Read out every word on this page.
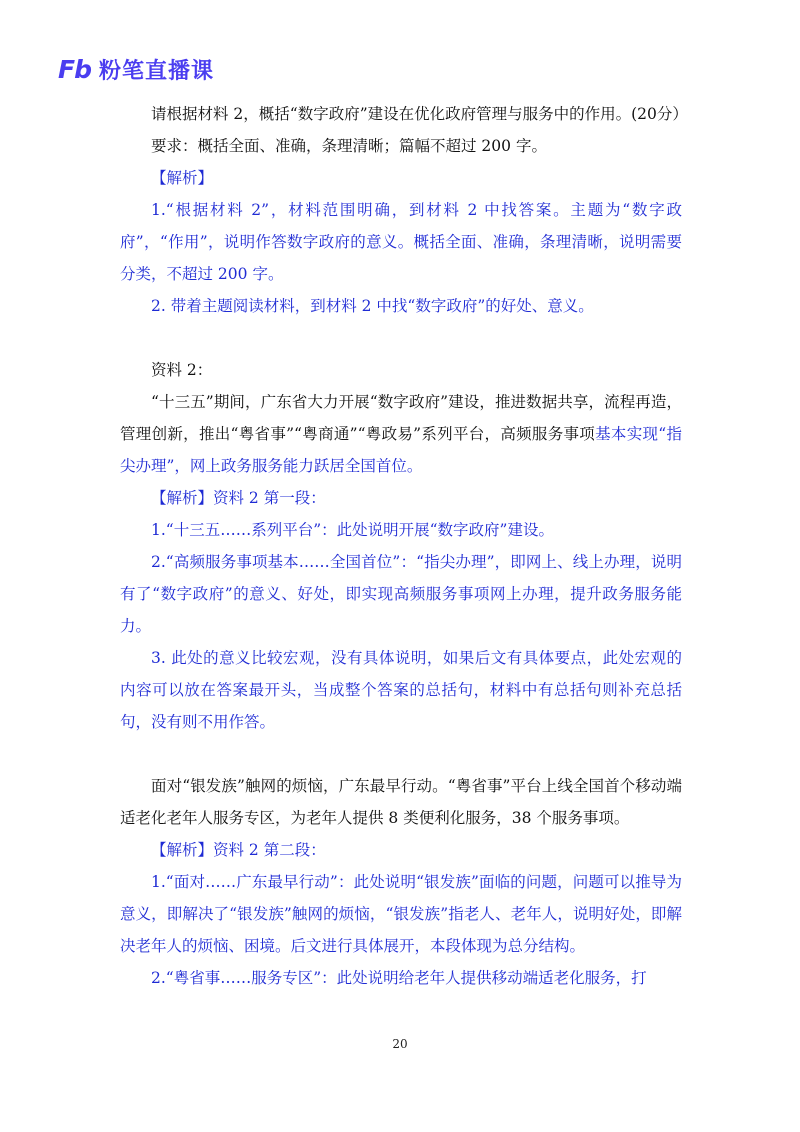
Fb 粉笔直播课

请根据材料 2，概括“数字政府”建设在优化政府管理与服务中的作用。(20分）

要求：概括全面、准确，条理清晰；篇幅不超过 200 字。

【解析】

1.“根据材料 2”，材料范围明确，到材料 2 中找答案。主题为“数字政府”，“作用”，说明作答数字政府的意义。概括全面、准确，条理清晰，说明需要分类，不超过 200 字。

2. 带着主题阅读材料，到材料 2 中找“数字政府”的好处、意义。

资料 2：

“十三五”期间，广东省大力开展“数字政府”建设，推进数据共享，流程再造，管理创新，推出“粤省事”“粤商通”“粤政易”系列平台，高频服务事项基本实现“指尖办理”，网上政务服务能力跃居全国首位。

【解析】资料 2 第一段：

1.“十三五……系列平台”：此处说明开展“数字政府”建设。

2.“高频服务事项基本……全国首位”：“指尖办理”，即网上、线上办理，说明有了“数字政府”的意义、好处，即实现高频服务事项网上办理，提升政务服务能力。

3. 此处的意义比较宏观，没有具体说明，如果后文有具体要点，此处宏观的内容可以放在答案最开头，当成整个答案的总括句，材料中有总括句则补充总括句，没有则不用作答。

面对“银发族”触网的烦恼，广东最早行动。“粤省事”平台上线全国首个移动端适老化老年人服务专区，为老年人提供 8 类便利化服务，38 个服务事项。

【解析】资料 2 第二段：

1.“面对……广东最早行动”：此处说明“银发族”面临的问题，问题可以推导为意义，即解决了“银发族”触网的烦恼，“银发族”指老人、老年人，说明好处，即解决老年人的烦恼、困境。后文进行具体展开，本段体现为总分结构。

2.“粤省事……服务专区”：此处说明给老年人提供移动端适老化服务，打

20
